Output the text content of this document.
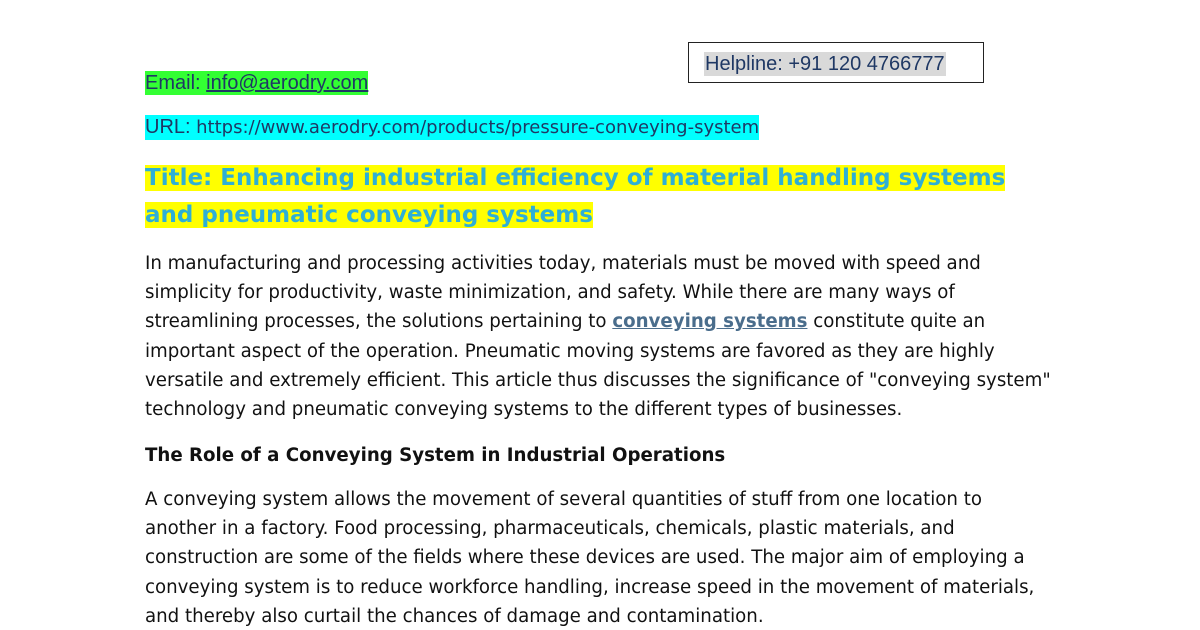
Helpline: +91 120 4766777
Email: info@aerodry.com
URL: https://www.aerodry.com/products/pressure-conveying-system
Title: Enhancing industrial efficiency of material handling systems and pneumatic conveying systems

In manufacturing and processing activities today, materials must be moved with speed and simplicity for productivity, waste minimization, and safety. While there are many ways of streamlining processes, the solutions pertaining to conveying systems constitute quite an important aspect of the operation. Pneumatic moving systems are favored as they are highly versatile and extremely efficient. This article thus discusses the significance of "conveying system" technology and pneumatic conveying systems to the different types of businesses.

The Role of a Conveying System in Industrial Operations

A conveying system allows the movement of several quantities of stuff from one location to another in a factory. Food processing, pharmaceuticals, chemicals, plastic materials, and construction are some of the fields where these devices are used. The major aim of employing a conveying system is to reduce workforce handling, increase speed in the movement of materials, and thereby also curtail the chances of damage and contamination.
